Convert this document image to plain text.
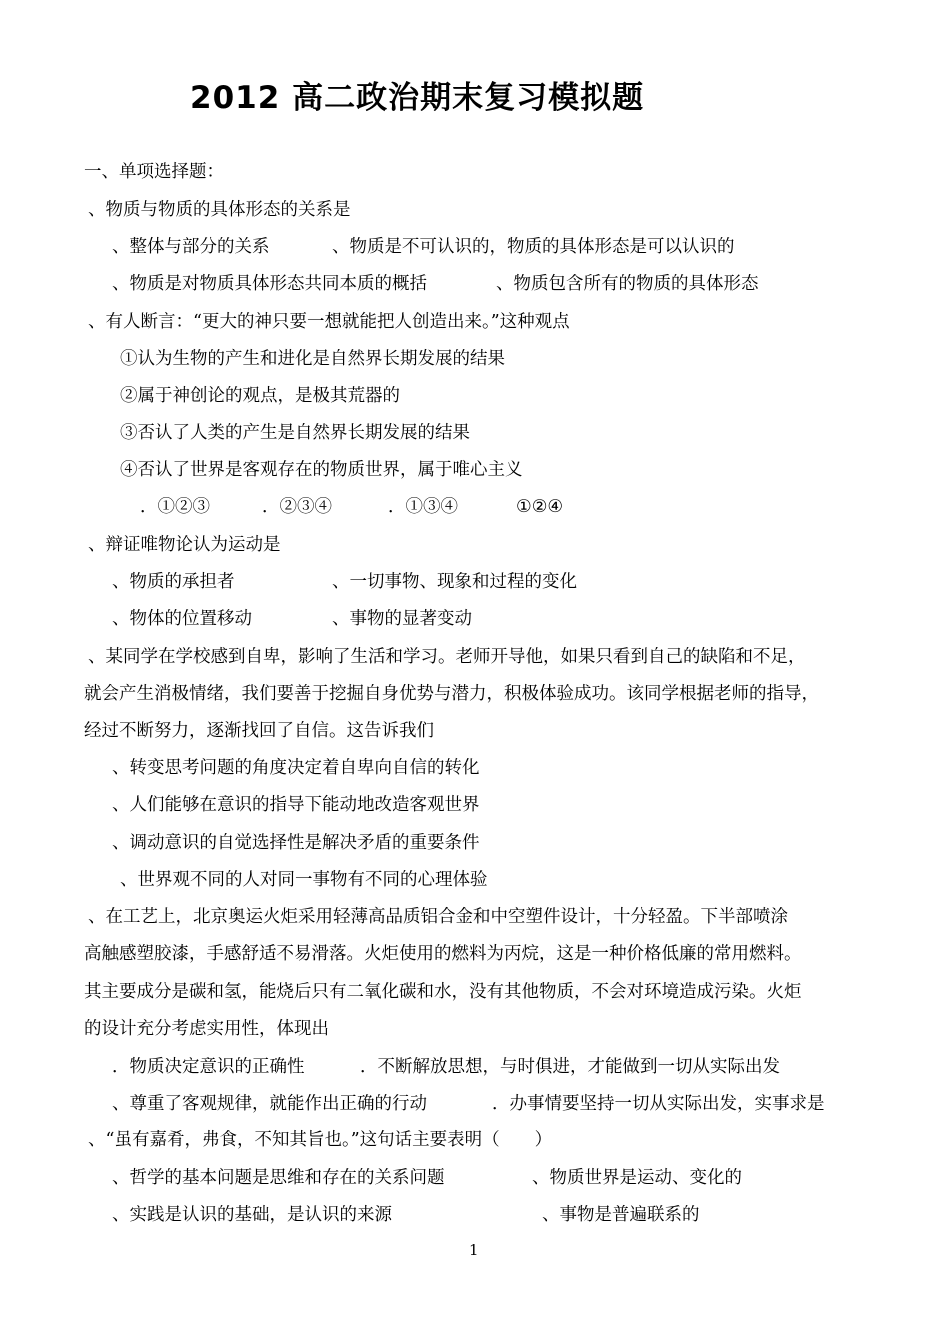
2012 高二政治期末复习模拟题
一、单项选择题：
、物质与物质的具体形态的关系是
、整体与部分的关系	、物质是不可认识的，物质的具体形态是可以认识的
、物质是对物质具体形态共同本质的概括	、物质包含所有的物质的具体形态
、有人断言：“更大的神只要一想就能把人创造出来。”这种观点
①认为生物的产生和进化是自然界长期发展的结果
②属于神创论的观点，是极其荒器的
③否认了人类的产生是自然界长期发展的结果
④否认了世界是客观存在的物质世界，属于唯心主义
．①②③	．②③④	．①③④	①②④
、辩证唯物论认为运动是
、物质的承担者	、一切事物、现象和过程的变化
、物体的位置移动	、事物的显著变动
、某同学在学校感到自卑，影响了生活和学习。老师开导他，如果只看到自己的缺陷和不足，
就会产生消极情绪，我们要善于挖掘自身优势与潜力，积极体验成功。该同学根据老师的指导，
经过不断努力，逐渐找回了自信。这告诉我们
、转变思考问题的角度决定着自卑向自信的转化
、人们能够在意识的指导下能动地改造客观世界
、调动意识的自觉选择性是解决矛盾的重要条件
、世界观不同的人对同一事物有不同的心理体验
、在工艺上，北京奥运火炬采用轻薄高品质铝合金和中空塑件设计，十分轻盈。下半部喷涂
高触感塑胶漆，手感舒适不易滑落。火炬使用的燃料为丙烷，这是一种价格低廉的常用燃料。
其主要成分是碳和氢，能烧后只有二氧化碳和水，没有其他物质，不会对环境造成污染。火炬
的设计充分考虑实用性，体现出
．物质决定意识的正确性	．不断解放思想，与时俱进，才能做到一切从实际出发
、尊重了客观规律，就能作出正确的行动	．办事情要坚持一切从实际出发，实事求是
、“虽有嘉肴，弗食，不知其旨也。”这句话主要表明（　　）
、哲学的基本问题是思维和存在的关系问题	、物质世界是运动、变化的
、实践是认识的基础，是认识的来源	、事物是普遍联系的
1
